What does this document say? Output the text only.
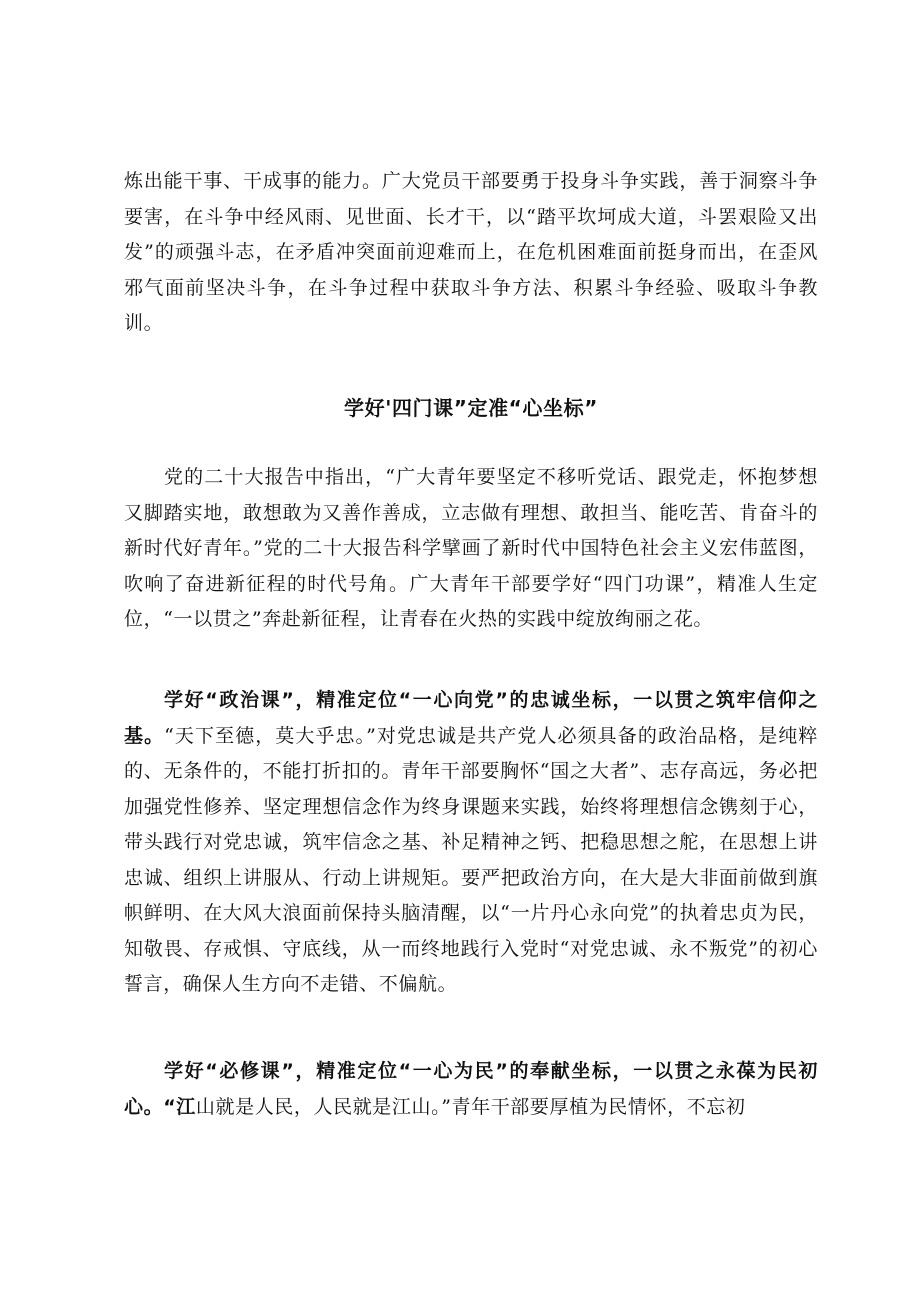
炼出能干事、干成事的能力。广大党员干部要勇于投身斗争实践，善于洞察斗争要害，在斗争中经风雨、见世面、长才干，以“踏平坎坷成大道，斗罢艰险又出发”的顽强斗志，在矛盾冲突面前迎难而上，在危机困难面前挺身而出，在歪风邪气面前坚决斗争，在斗争过程中获取斗争方法、积累斗争经验、吸取斗争教训。

学好'四门课”定准“心坐标”

党的二十大报告中指出，“广大青年要坚定不移听党话、跟党走，怀抱梦想又脚踏实地，敢想敢为又善作善成，立志做有理想、敢担当、能吃苦、肯奋斗的新时代好青年。”党的二十大报告科学擘画了新时代中国特色社会主义宏伟蓝图，吹响了奋进新征程的时代号角。广大青年干部要学好“四门功课”，精准人生定位，“一以贯之”奔赴新征程，让青春在火热的实践中绽放绚丽之花。

学好“政治课”，精准定位“一心向党”的忠诚坐标，一以贯之筑牢信仰之基。“天下至德，莫大乎忠。”对党忠诚是共产党人必须具备的政治品格，是纯粹的、无条件的，不能打折扣的。青年干部要胸怀“国之大者”、志存高远，务必把加强党性修养、坚定理想信念作为终身课题来实践，始终将理想信念镌刻于心，带头践行对党忠诚，筑牢信念之基、补足精神之钙、把稳思想之舵，在思想上讲忠诚、组织上讲服从、行动上讲规矩。要严把政治方向，在大是大非面前做到旗帜鲜明、在大风大浪面前保持头脑清醒，以“一片丹心永向党”的执着忠贞为民，知敬畏、存戒惧、守底线，从一而终地践行入党时“对党忠诚、永不叛党”的初心誓言，确保人生方向不走错、不偏航。

学好“必修课”，精准定位“一心为民”的奉献坐标，一以贯之永葆为民初心。“江山就是人民，人民就是江山。”青年干部要厚植为民情怀，不忘初
